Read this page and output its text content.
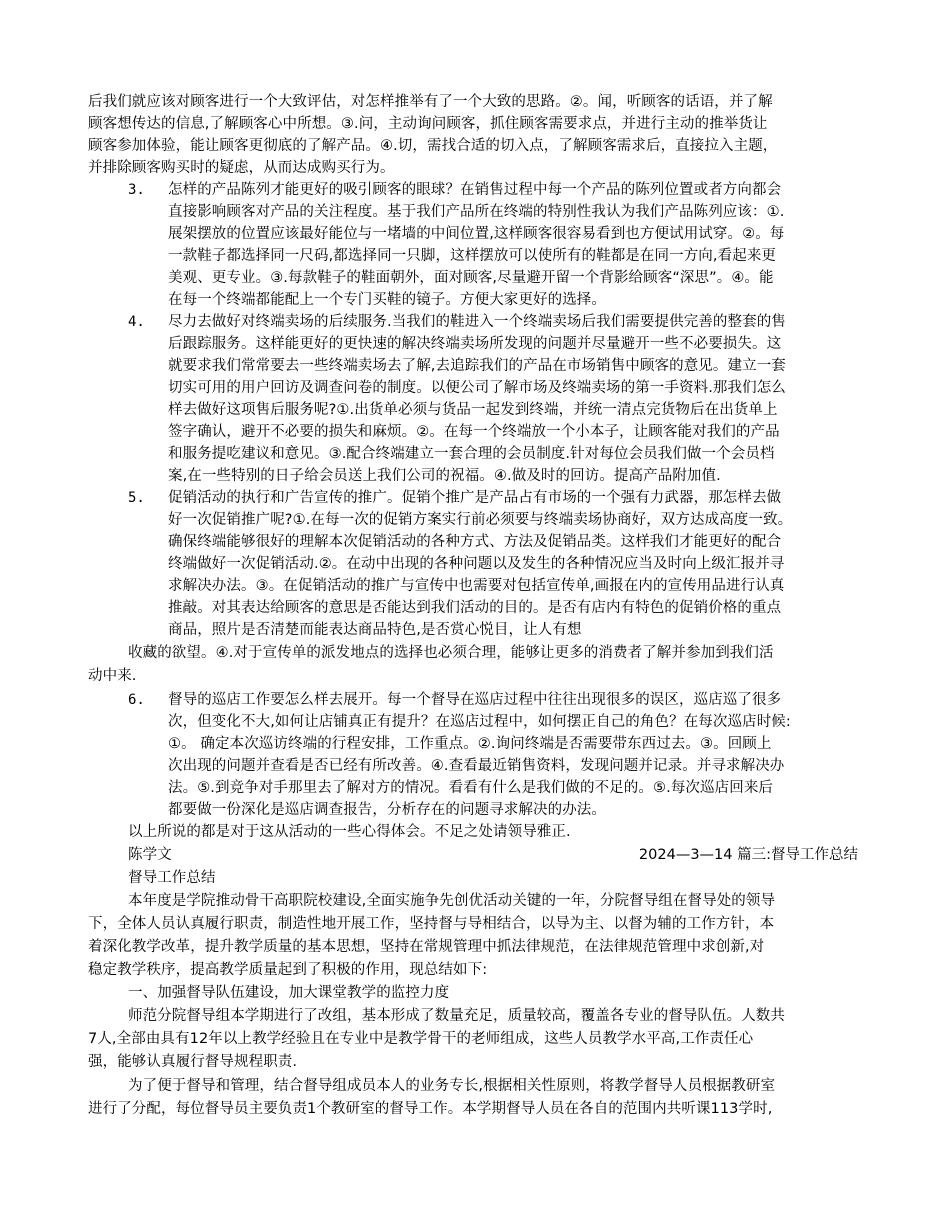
后我们就应该对顾客进行一个大致评估，对怎样推举有了一个大致的思路。②。闻，听顾客的话语，并了解
顾客想传达的信息,了解顾客心中所想。③.问，主动询问顾客，抓住顾客需要求点，并进行主动的推举货让
顾客参加体验，能让顾客更彻底的了解产品。④.切，需找合适的切入点，了解顾客需求后，直接拉入主题，
并排除顾客购买时的疑虑，从而达成购买行为。
3. 怎样的产品陈列才能更好的吸引顾客的眼球？在销售过程中每一个产品的陈列位置或者方向都会
直接影响顾客对产品的关注程度。基于我们产品所在终端的特别性我认为我们产品陈列应该：①.
展架摆放的位置应该最好能位与一堵墙的中间位置,这样顾客很容易看到也方便试用试穿。②。每
一款鞋子都选择同一尺码,都选择同一只脚，这样摆放可以使所有的鞋都是在同一方向,看起来更
美观、更专业。③.每款鞋子的鞋面朝外，面对顾客,尽量避开留一个背影给顾客“深思”。④。能
在每一个终端都能配上一个专门买鞋的镜子。方便大家更好的选择。
4. 尽力去做好对终端卖场的后续服务.当我们的鞋进入一个终端卖场后我们需要提供完善的整套的售
后跟踪服务。这样能更好的更快速的解决终端卖场所发现的问题并尽量避开一些不必要损失。这
就要求我们常常要去一些终端卖场去了解,去追踪我们的产品在市场销售中顾客的意见。建立一套
切实可用的用户回访及调查问卷的制度。以便公司了解市场及终端卖场的第一手资料.那我们怎么
样去做好这项售后服务呢?①.出货单必须与货品一起发到终端，并统一清点完货物后在出货单上
签字确认，避开不必要的损失和麻烦。②。在每一个终端放一个小本子，让顾客能对我们的产品
和服务提吃建议和意见。③.配合终端建立一套合理的会员制度.针对每位会员我们做一个会员档
案,在一些特别的日子给会员送上我们公司的祝福。④.做及时的回访。提高产品附加值.
5. 促销活动的执行和广告宣传的推广。促销个推广是产品占有市场的一个强有力武器，那怎样去做
好一次促销推广呢?①.在每一次的促销方案实行前必须要与终端卖场协商好，双方达成高度一致。
确保终端能够很好的理解本次促销活动的各种方式、方法及促销品类。这样我们才能更好的配合
终端做好一次促销活动.②。在动中出现的各种问题以及发生的各种情况应当及时向上级汇报并寻
求解决办法。③。在促销活动的推广与宣传中也需要对包括宣传单,画报在内的宣传用品进行认真
推敲。对其表达给顾客的意思是否能达到我们活动的目的。是否有店内有特色的促销价格的重点
商品，照片是否清楚而能表达商品特色,是否赏心悦目，让人有想
收藏的欲望。④.对于宣传单的派发地点的选择也必须合理，能够让更多的消费者了解并参加到我们活
动中来.
6. 督导的巡店工作要怎么样去展开。每一个督导在巡店过程中往往出现很多的误区，巡店巡了很多
次，但变化不大,如何让店铺真正有提升？在巡店过程中，如何摆正自己的角色？在每次巡店时候:
①。 确定本次巡访终端的行程安排，工作重点。②.询问终端是否需要带东西过去。③。回顾上
次出现的问题并查看是否已经有所改善。④.查看最近销售资料，发现问题并记录。并寻求解决办
法。⑤.到竞争对手那里去了解对方的情况。看看有什么是我们做的不足的。⑤.每次巡店回来后
都要做一份深化是巡店调查报告，分析存在的问题寻求解决的办法。
以上所说的都是对于这从活动的一些心得体会。不足之处请领导雅正.
陈学文	2024—3—14 篇三:督导工作总结
督导工作总结
本年度是学院推动骨干高职院校建设,全面实施争先创优活动关键的一年，分院督导组在督导处的领导
下，全体人员认真履行职责，制造性地开展工作，坚持督与导相结合，以导为主、以督为辅的工作方针，本
着深化教学改革，提升教学质量的基本思想，坚持在常规管理中抓法律规范，在法律规范管理中求创新,对
稳定教学秩序，提高教学质量起到了积极的作用，现总结如下:
一、加强督导队伍建设，加大课堂教学的监控力度
师范分院督导组本学期进行了改组，基本形成了数量充足，质量较高，覆盖各专业的督导队伍。人数共
7人,全部由具有12年以上教学经验且在专业中是教学骨干的老师组成，这些人员教学水平高,工作责任心
强，能够认真履行督导规程职责.
为了便于督导和管理，结合督导组成员本人的业务专长,根据相关性原则，将教学督导人员根据教研室
进行了分配，每位督导员主要负责1个教研室的督导工作。本学期督导人员在各自的范围内共听课113学时,
